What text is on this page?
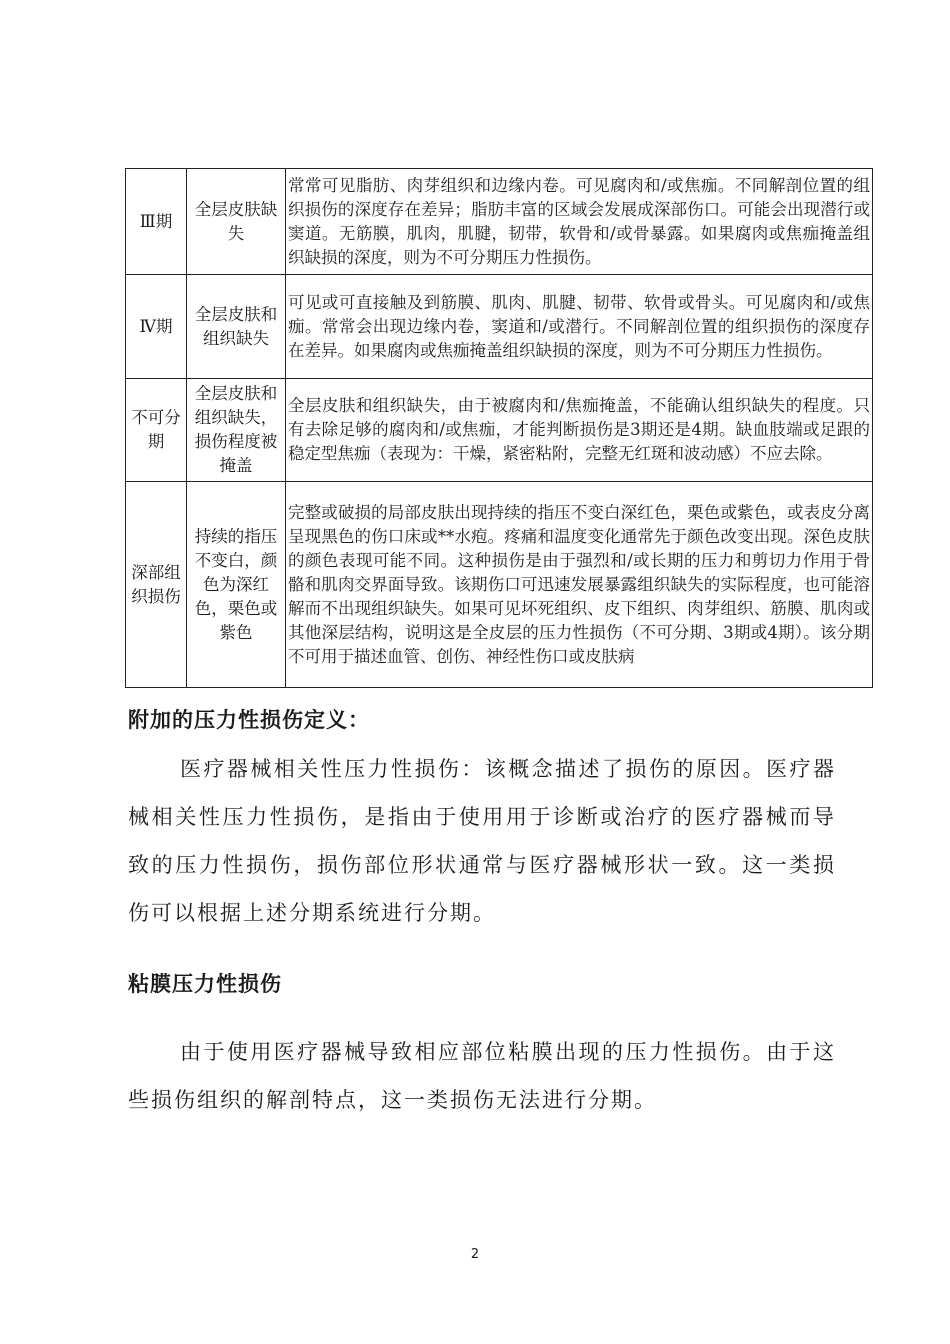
Ⅲ期	全层皮肤缺失	常常可见脂肪、肉芽组织和边缘内卷。可见腐肉和/或焦痂。不同解剖位置的组织损伤的深度存在差异；脂肪丰富的区域会发展成深部伤口。可能会出现潜行或窦道。无筋膜，肌肉，肌腱，韧带，软骨和/或骨暴露。如果腐肉或焦痂掩盖组织缺损的深度，则为不可分期压力性损伤。
Ⅳ期	全层皮肤和组织缺失	可见或可直接触及到筋膜、肌肉、肌腱、韧带、软骨或骨头。可见腐肉和/或焦痂。常常会出现边缘内卷，窦道和/或潜行。不同解剖位置的组织损伤的深度存在差异。如果腐肉或焦痂掩盖组织缺损的深度，则为不可分期压力性损伤。
不可分期	全层皮肤和组织缺失，损伤程度被掩盖	全层皮肤和组织缺失，由于被腐肉和/焦痂掩盖，不能确认组织缺失的程度。只有去除足够的腐肉和/或焦痂，才能判断损伤是3期还是4期。缺血肢端或足跟的稳定型焦痂（表现为：干燥，紧密粘附，完整无红斑和波动感）不应去除。
深部组织损伤	持续的指压不变白，颜色为深红色，栗色或紫色	完整或破损的局部皮肤出现持续的指压不变白深红色，栗色或紫色，或表皮分离呈现黑色的伤口床或**水疱。疼痛和温度变化通常先于颜色改变出现。深色皮肤的颜色表现可能不同。这种损伤是由于强烈和/或长期的压力和剪切力作用于骨骼和肌肉交界面导致。该期伤口可迅速发展暴露组织缺失的实际程度，也可能溶解而不出现组织缺失。如果可见坏死组织、皮下组织、肉芽组织、筋膜、肌肉或其他深层结构，说明这是全皮层的压力性损伤（不可分期、3期或4期）。该分期不可用于描述血管、创伤、神经性伤口或皮肤病
附加的压力性损伤定义：
医疗器械相关性压力性损伤：该概念描述了损伤的原因。医疗器械相关性压力性损伤，是指由于使用用于诊断或治疗的医疗器械而导致的压力性损伤，损伤部位形状通常与医疗器械形状一致。这一类损伤可以根据上述分期系统进行分期。
粘膜压力性损伤
由于使用医疗器械导致相应部位粘膜出现的压力性损伤。由于这些损伤组织的解剖特点，这一类损伤无法进行分期。
2
